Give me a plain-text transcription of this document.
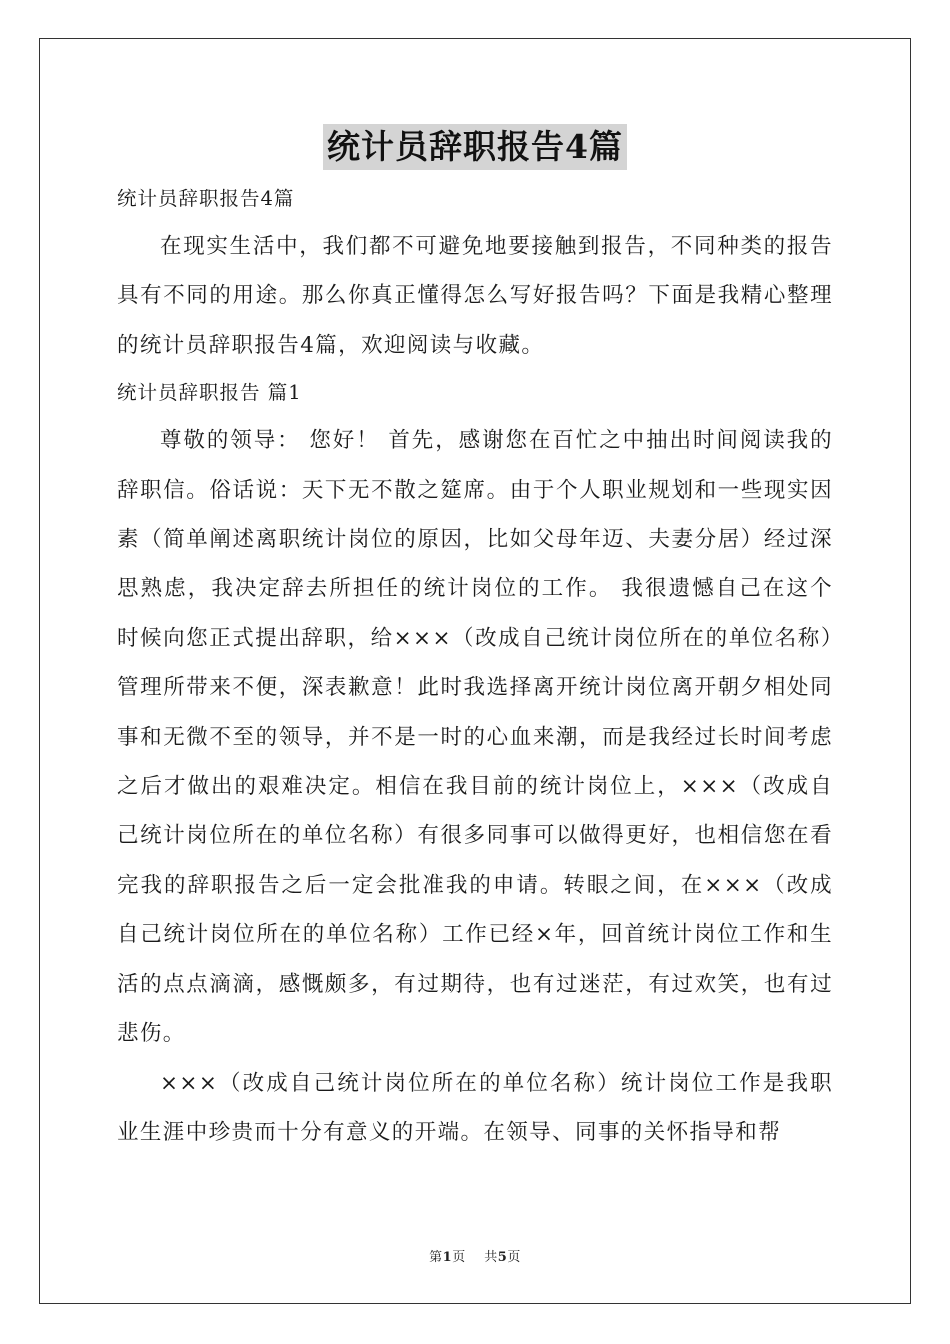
统计员辞职报告4篇

统计员辞职报告4篇

在现实生活中，我们都不可避免地要接触到报告，不同种类的报告具有不同的用途。那么你真正懂得怎么写好报告吗？下面是我精心整理的统计员辞职报告4篇，欢迎阅读与收藏。

统计员辞职报告 篇1

尊敬的领导： 您好！ 首先，感谢您在百忙之中抽出时间阅读我的辞职信。俗话说：天下无不散之筵席。由于个人职业规划和一些现实因素（简单阐述离职统计岗位的原因，比如父母年迈、夫妻分居）经过深思熟虑，我决定辞去所担任的统计岗位的工作。 我很遗憾自己在这个时候向您正式提出辞职，给×××（改成自己统计岗位所在的单位名称）管理所带来不便，深表歉意！此时我选择离开统计岗位离开朝夕相处同事和无微不至的领导，并不是一时的心血来潮，而是我经过长时间考虑之后才做出的艰难决定。相信在我目前的统计岗位上，×××（改成自己统计岗位所在的单位名称）有很多同事可以做得更好，也相信您在看完我的辞职报告之后一定会批准我的申请。转眼之间，在×××（改成自己统计岗位所在的单位名称）工作已经×年，回首统计岗位工作和生活的点点滴滴，感慨颇多，有过期待，也有过迷茫，有过欢笑，也有过悲伤。

×××（改成自己统计岗位所在的单位名称）统计岗位工作是我职业生涯中珍贵而十分有意义的开端。在领导、同事的关怀指导和帮

第1页 共5页
